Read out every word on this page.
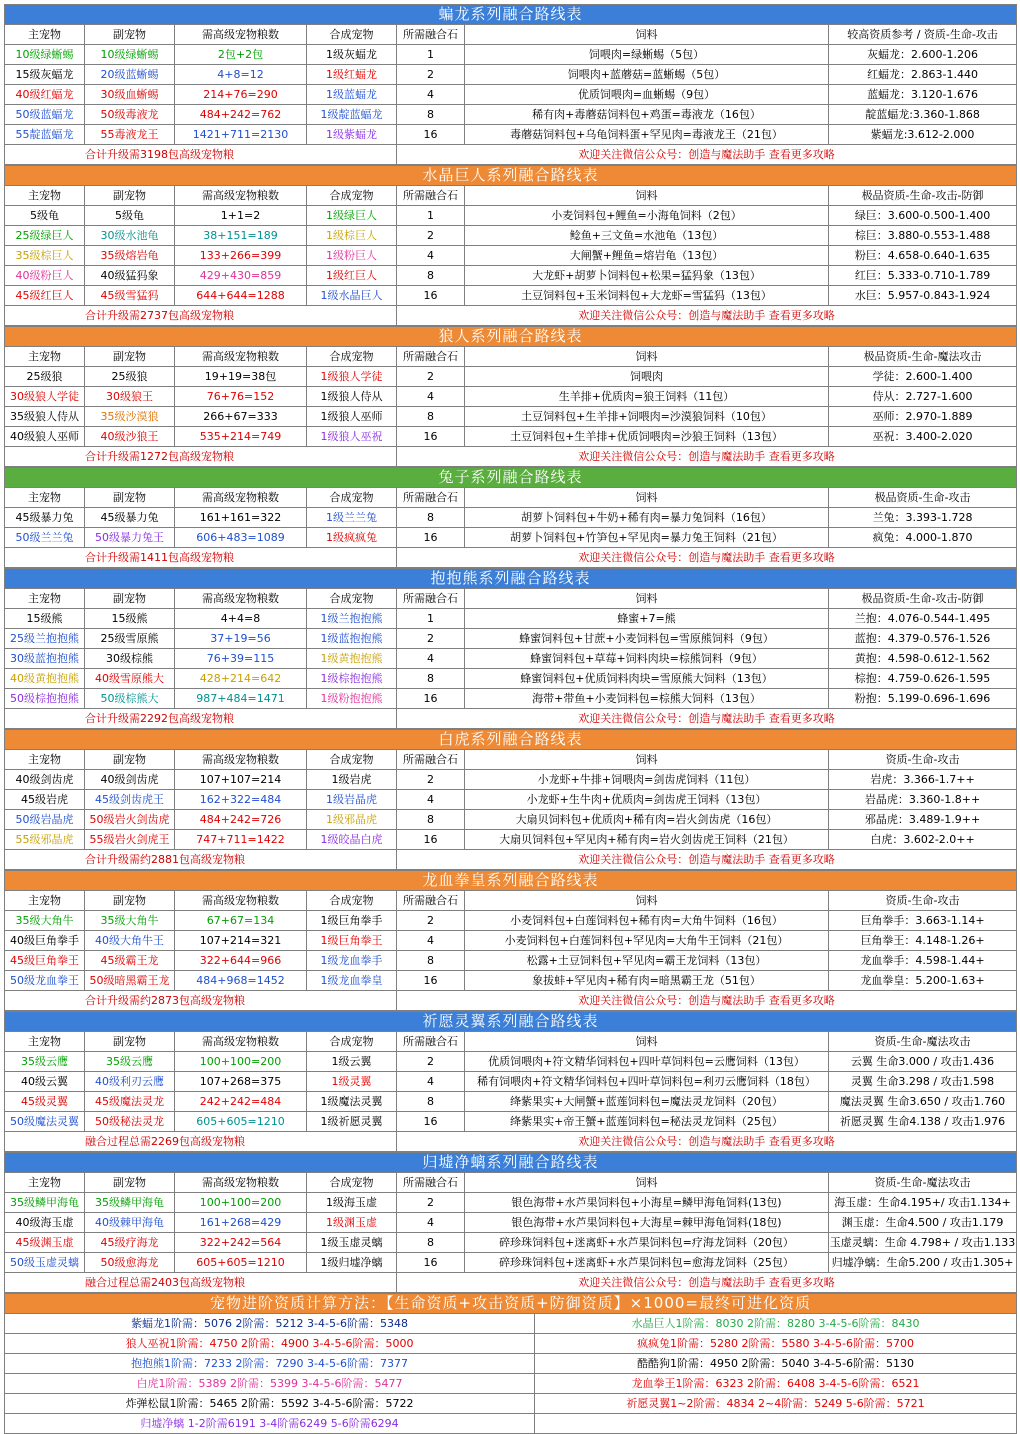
蝙龙系列融合路线表						
主宠物	副宠物	需高级宠物粮数	合成宠物	所需融合石	饲料	较高资质参考 / 资质-生命-攻击
10级绿蜥蜴	10级绿蜥蜴	2包+2包	1级灰蝠龙	1	饲喂肉=绿蜥蜴（5包）	灰蝠龙：2.600-1.206
15级灰蝠龙	20级蓝蜥蜴	4+8=12	1级红蝠龙	2	饲喂肉+蓝蘑菇=蓝蜥蜴（5包）	红蝠龙：2.863-1.440
40级红蝠龙	30级血蜥蜴	214+76=290	1级蓝蝠龙	4	优质饲喂肉=血蜥蜴（9包）	蓝蝠龙：3.120-1.676
50级蓝蝠龙	50级毒液龙	484+242=762	1级靛蓝蝠龙	8	稀有肉+毒蘑菇饲料包+鸡蛋=毒液龙（16包）	靛蓝蝠龙:3.360-1.868
55靛蓝蝠龙	55毒液龙王	1421+711=2130	1级紫蝠龙	16	毒蘑菇饲料包+乌龟饲料蛋+罕见肉=毒液龙王（21包）	紫蝠龙:3.612-2.000
合计升级需3198包高级宠物粮				欢迎关注微信公众号：创造与魔法助手 查看更多攻略		
水晶巨人系列融合路线表						
主宠物	副宠物	需高级宠物粮数	合成宠物	所需融合石	饲料	极品资质-生命-攻击-防御
5级龟	5级龟	1+1=2	1级绿巨人	1	小麦饲料包+鲤鱼=小海龟饲料（2包）	绿巨：3.600-0.500-1.400
25级绿巨人	30级水池龟	38+151=189	1级棕巨人	2	鲶鱼+三文鱼=水池龟（13包）	棕巨：3.880-0.553-1.488
35级棕巨人	35级熔岩龟	133+266=399	1级粉巨人	4	大闸蟹+鲤鱼=熔岩龟（13包）	粉巨：4.658-0.640-1.635
40级粉巨人	40级猛犸象	429+430=859	1级红巨人	8	大龙虾+胡萝卜饲料包+松果=猛犸象（13包）	红巨：5.333-0.710-1.789
45级红巨人	45级雪猛犸	644+644=1288	1级水晶巨人	16	土豆饲料包+玉米饲料包+大龙虾=雪猛犸（13包）	水巨：5.957-0.843-1.924
合计升级需2737包高级宠物粮				欢迎关注微信公众号：创造与魔法助手 查看更多攻略		
狼人系列融合路线表						
主宠物	副宠物	需高级宠物粮数	合成宠物	所需融合石	饲料	极品资质-生命-魔法攻击
25级狼	25级狼	19+19=38包	1级狼人学徒	2	饲喂肉	学徒：2.600-1.400
30级狼人学徒	30级狼王	76+76=152	1级狼人侍从	4	生羊排+优质肉=狼王饲料（11包）	侍从：2.727-1.600
35级狼人侍从	35级沙漠狼	266+67=333	1级狼人巫师	8	土豆饲料包+生羊排+饲喂肉=沙漠狼饲料（10包）	巫师：2.970-1.889
40级狼人巫师	40级沙狼王	535+214=749	1级狼人巫祝	16	土豆饲料包+生羊排+优质饲喂肉=沙狼王饲料（13包）	巫祝：3.400-2.020
合计升级需1272包高级宠物粮				欢迎关注微信公众号：创造与魔法助手 查看更多攻略		
兔子系列融合路线表						
主宠物	副宠物	需高级宠物粮数	合成宠物	所需融合石	饲料	极品资质-生命-攻击
45级暴力兔	45级暴力兔	161+161=322	1级兰兰兔	8	胡萝卜饲料包+牛奶+稀有肉=暴力兔饲料（16包）	兰兔：3.393-1.728
50级兰兰兔	50级暴力兔王	606+483=1089	1级疯疯兔	16	胡萝卜饲料包+竹笋包+罕见肉=暴力兔王饲料（21包）	疯兔：4.000-1.870
合计升级需1411包高级宠物粮				欢迎关注微信公众号：创造与魔法助手 查看更多攻略		
抱抱熊系列融合路线表						
主宠物	副宠物	需高级宠物粮数	合成宠物	所需融合石	饲料	极品资质-生命-攻击-防御
15级熊	15级熊	4+4=8	1级兰抱抱熊	1	蜂蜜+7=熊	兰抱：4.076-0.544-1.495
25级兰抱抱熊	25级雪原熊	37+19=56	1级蓝抱抱熊	2	蜂蜜饲料包+甘蔗+小麦饲料包=雪原熊饲料（9包）	蓝抱：4.379-0.576-1.526
30级蓝抱抱熊	30级棕熊	76+39=115	1级黄抱抱熊	4	蜂蜜饲料包+草莓+饲料肉块=棕熊饲料（9包）	黄抱：4.598-0.612-1.562
40级黄抱抱熊	40级雪原熊大	428+214=642	1级棕抱抱熊	8	蜂蜜饲料包+优质饲料肉块=雪原熊大饲料（13包）	棕抱：4.759-0.626-1.595
50级棕抱抱熊	50级棕熊大	987+484=1471	1级粉抱抱熊	16	海带+带鱼+小麦饲料包=棕熊大饲料（13包）	粉抱：5.199-0.696-1.696
合计升级需2292包高级宠物粮				欢迎关注微信公众号：创造与魔法助手 查看更多攻略		
白虎系列融合路线表						
主宠物	副宠物	需高级宠物粮数	合成宠物	所需融合石	饲料	资质-生命-攻击
40级剑齿虎	40级剑齿虎	107+107=214	1级岩虎	2	小龙虾+牛排+饲喂肉=剑齿虎饲料（11包）	岩虎：3.366-1.7++
45级岩虎	45级剑齿虎王	162+322=484	1级岩晶虎	4	小龙虾+生牛肉+优质肉=剑齿虎王饲料（13包）	岩晶虎：3.360-1.8++
50级岩晶虎	50级岩火剑齿虎	484+242=726	1级邪晶虎	8	大扇贝饲料包+优质肉+稀有肉=岩火剑齿虎（16包）	邪晶虎：3.489-1.9++
55级邪晶虎	55级岩火剑虎王	747+711=1422	1级皎晶白虎	16	大扇贝饲料包+罕见肉+稀有肉=岩火剑齿虎王饲料（21包）	白虎：3.602-2.0++
合计升级需约2881包高级宠物粮				欢迎关注微信公众号：创造与魔法助手 查看更多攻略		
龙血拳皇系列融合路线表						
主宠物	副宠物	需高级宠物粮数	合成宠物	所需融合石	饲料	资质-生命-攻击
35级大角牛	35级大角牛	67+67=134	1级巨角拳手	2	小麦饲料包+白莲饲料包+稀有肉=大角牛饲料（16包）	巨角拳手：3.663-1.14+
40级巨角拳手	40级大角牛王	107+214=321	1级巨角拳王	4	小麦饲料包+白莲饲料包+罕见肉=大角牛王饲料（21包）	巨角拳王：4.148-1.26+
45级巨角拳王	45级霸王龙	322+644=966	1级龙血拳手	8	松露+土豆饲料包+罕见肉=霸王龙饲料（13包）	龙血拳手：4.598-1.44+
50级龙血拳王	50级暗黑霸王龙	484+968=1452	1级龙血拳皇	16	象拔蚌+罕见肉+稀有肉=暗黑霸王龙（51包）	龙血拳皇：5.200-1.63+
合计升级需约2873包高级宠物粮				欢迎关注微信公众号：创造与魔法助手 查看更多攻略		
祈愿灵翼系列融合路线表						
主宠物	副宠物	需高级宠物粮数	合成宠物	所需融合石	饲料	资质-生命-魔法攻击
35级云鹰	35级云鹰	100+100=200	1级云翼	2	优质饲喂肉+符文精华饲料包+四叶草饲料包=云鹰饲料（13包）	云翼 生命3.000 / 攻击1.436
40级云翼	40级利刃云鹰	107+268=375	1级灵翼	4	稀有饲喂肉+符文精华饲料包+四叶草饲料包=利刃云鹰饲料（18包）	灵翼 生命3.298 / 攻击1.598
45级灵翼	45级魔法灵龙	242+242=484	1级魔法灵翼	8	绛紫果实+大闸蟹+蓝莲饲料包=魔法灵龙饲料（20包）	魔法灵翼 生命3.650 / 攻击1.760
50级魔法灵翼	50级秘法灵龙	605+605=1210	1级祈愿灵翼	16	绛紫果实+帝王蟹+蓝莲饲料包=秘法灵龙饲料（25包）	祈愿灵翼 生命4.138 / 攻击1.976
融合过程总需2269包高级宠物粮				欢迎关注微信公众号：创造与魔法助手 查看更多攻略		
归墟净螭系列融合路线表						
主宠物	副宠物	需高级宠物粮数	合成宠物	所需融合石	饲料	资质-生命-魔法攻击
35级鳞甲海龟	35级鳞甲海龟	100+100=200	1级海玉虚	2	银色海带+水芦果饲料包+小海星=鳞甲海龟饲料(13包)	海玉虚：生命4.195+/ 攻击1.134+
40级海玉虚	40级棘甲海龟	161+268=429	1级渊玉虚	4	银色海带+水芦果饲料包+大海星=棘甲海龟饲料(18包)	渊玉虚：生命4.500 / 攻击1.179
45级渊玉虚	45级疗海龙	322+242=564	1级玉虚灵螭	8	碎珍珠饲料包+迷离虾+水芦果饲料包=疗海龙饲料（20包）	玉虚灵螭：生命 4.798+ / 攻击1.133
50级玉虚灵螭	50级愈海龙	605+605=1210	1级归墟净螭	16	碎珍珠饲料包+迷离虾+水芦果饲料包=愈海龙饲料（25包）	归墟净螭：生命5.200 / 攻击1.305+
融合过程总需2403包高级宠物粮				欢迎关注微信公众号：创造与魔法助手 查看更多攻略		
宠物进阶资质计算方法：【生命资质+攻击资质+防御资质】×1000=最终可进化资质	
紫蝠龙1阶需：5076 2阶需：5212 3-4-5-6阶需：5348	水晶巨人1阶需：8030 2阶需：8280 3-4-5-6阶需：8430
狼人巫祝1阶需：4750 2阶需：4900 3-4-5-6阶需：5000	疯疯兔1阶需：5280 2阶需：5580 3-4-5-6阶需：5700
抱抱熊1阶需：7233 2阶需：7290 3-4-5-6阶需：7377	酷酷狗1阶需：4950 2阶需：5040 3-4-5-6阶需：5130
白虎1阶需：5389 2阶需：5399 3-4-5-6阶需：5477	龙血拳王1阶需：6323 2阶需：6408 3-4-5-6阶需：6521
炸弹松鼠1阶需：5465 2阶需：5592 3-4-5-6阶需：5722	祈愿灵翼1~2阶需：4834 2~4阶需：5249 5-6阶需：5721
归墟净螭 1-2阶需6191 3-4阶需6249 5-6阶需6294	
